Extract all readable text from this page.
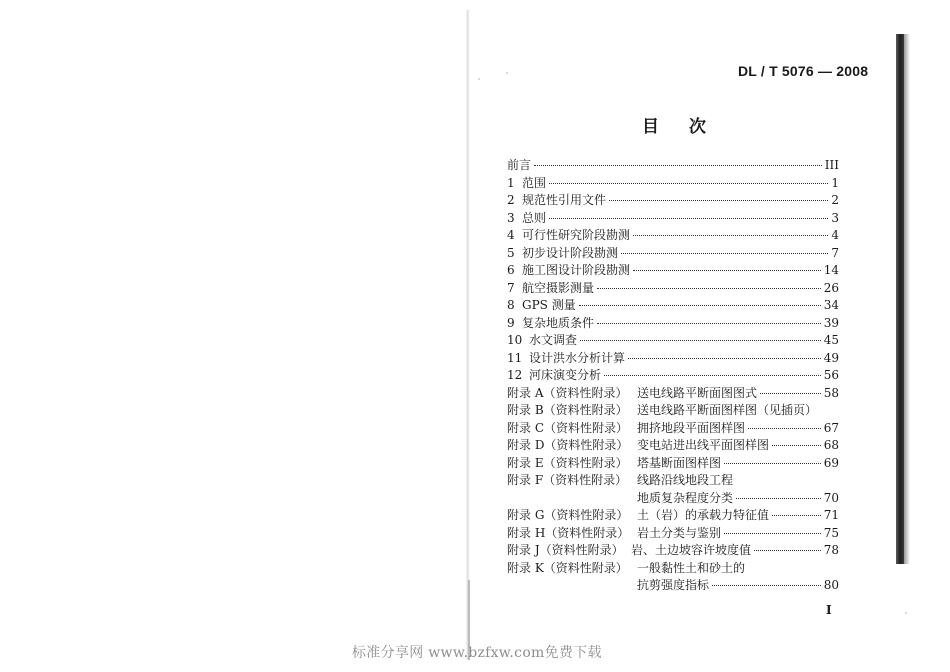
DL / T 5076 — 2008
目 次
前言	III
1 范围	1
2 规范性引用文件	2
3 总则	3
4 可行性研究阶段勘测	4
5 初步设计阶段勘测	7
6 施工图设计阶段勘测	14
7 航空摄影测量	26
8 GPS 测量	34
9 复杂地质条件	39
10 水文调查	45
11 设计洪水分析计算	49
12 河床演变分析	56
附录 A（资料性附录） 送电线路平断面图图式	58
附录 B（资料性附录） 送电线路平断面图样图（见插页）
附录 C（资料性附录） 拥挤地段平面图样图	67
附录 D（资料性附录） 变电站进出线平面图样图	68
附录 E（资料性附录） 塔基断面图样图	69
附录 F（资料性附录） 线路沿线地段工程
地质复杂程度分类	70
附录 G（资料性附录） 土（岩）的承载力特征值	71
附录 H（资料性附录） 岩土分类与鉴别	75
附录 J（资料性附录） 岩、土边坡容许坡度值	78
附录 K（资料性附录） 一般黏性土和砂土的
抗剪强度指标	80
I
标准分享网 www.bzfxw.com免费下载
